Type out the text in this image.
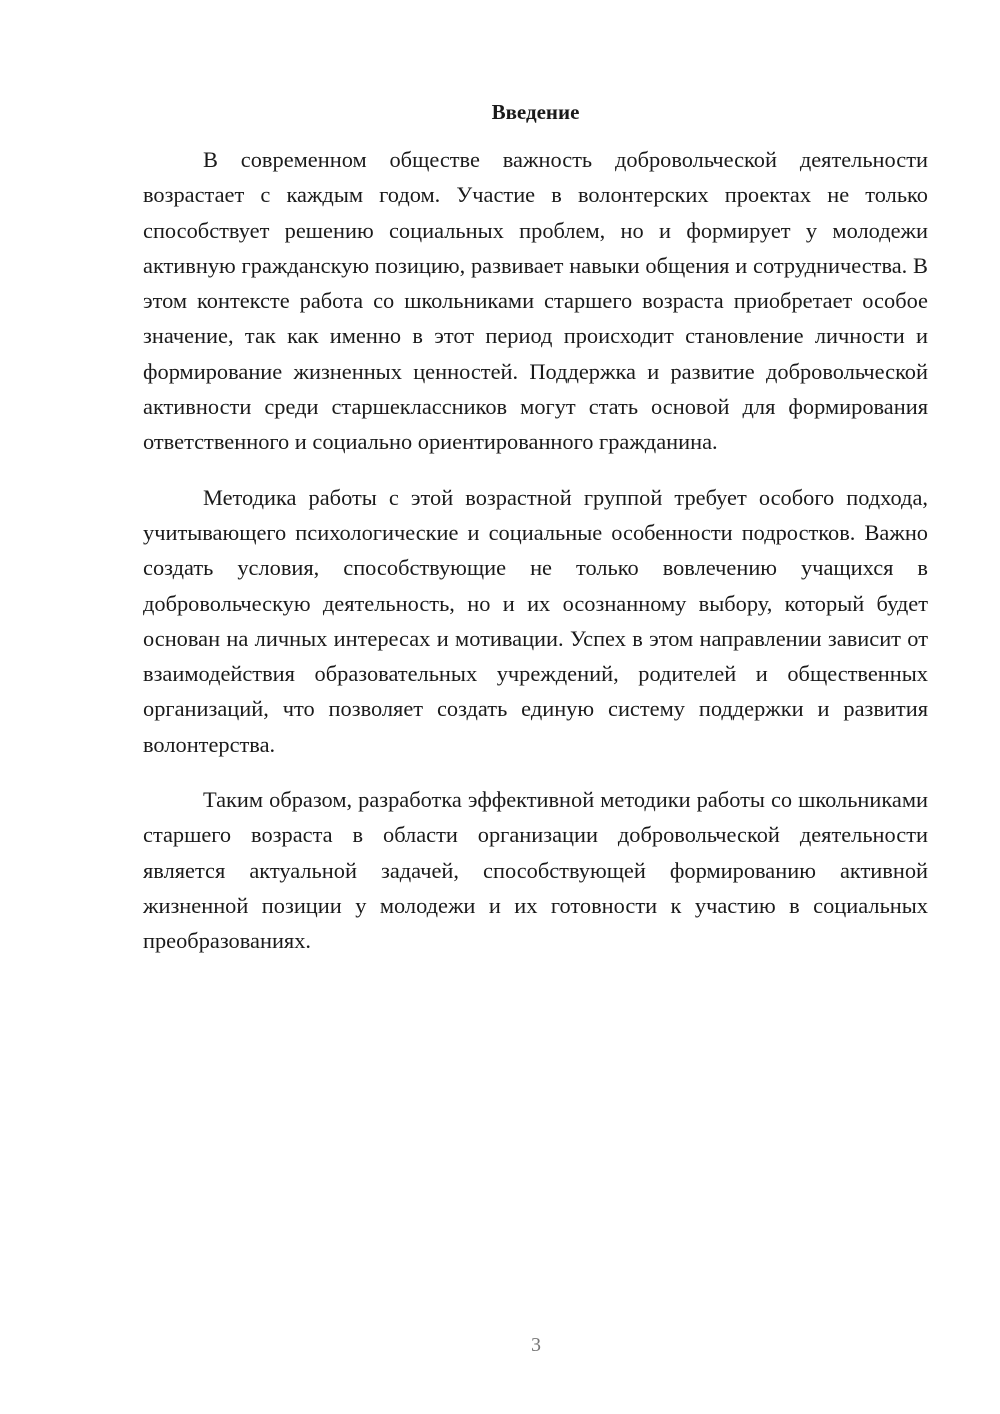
Введение

В современном обществе важность добровольческой деятельности возрастает с каждым годом. Участие в волонтерских проектах не только способствует решению социальных проблем, но и формирует у молодежи активную гражданскую позицию, развивает навыки общения и сотрудничества. В этом контексте работа со школьниками старшего возраста приобретает особое значение, так как именно в этот период происходит становление личности и формирование жизненных ценностей. Поддержка и развитие добровольческой активности среди старшеклассников могут стать основой для формирования ответственного и социально ориентированного гражданина.

Методика работы с этой возрастной группой требует особого подхода, учитывающего психологические и социальные особенности подростков. Важно создать условия, способствующие не только вовлечению учащихся в добровольческую деятельность, но и их осознанному выбору, который будет основан на личных интересах и мотивации. Успех в этом направлении зависит от взаимодействия образовательных учреждений, родителей и общественных организаций, что позволяет создать единую систему поддержки и развития волонтерства.

Таким образом, разработка эффективной методики работы со школьниками старшего возраста в области организации добровольческой деятельности является актуальной задачей, способствующей формированию активной жизненной позиции у молодежи и их готовности к участию в социальных преобразованиях.

3
